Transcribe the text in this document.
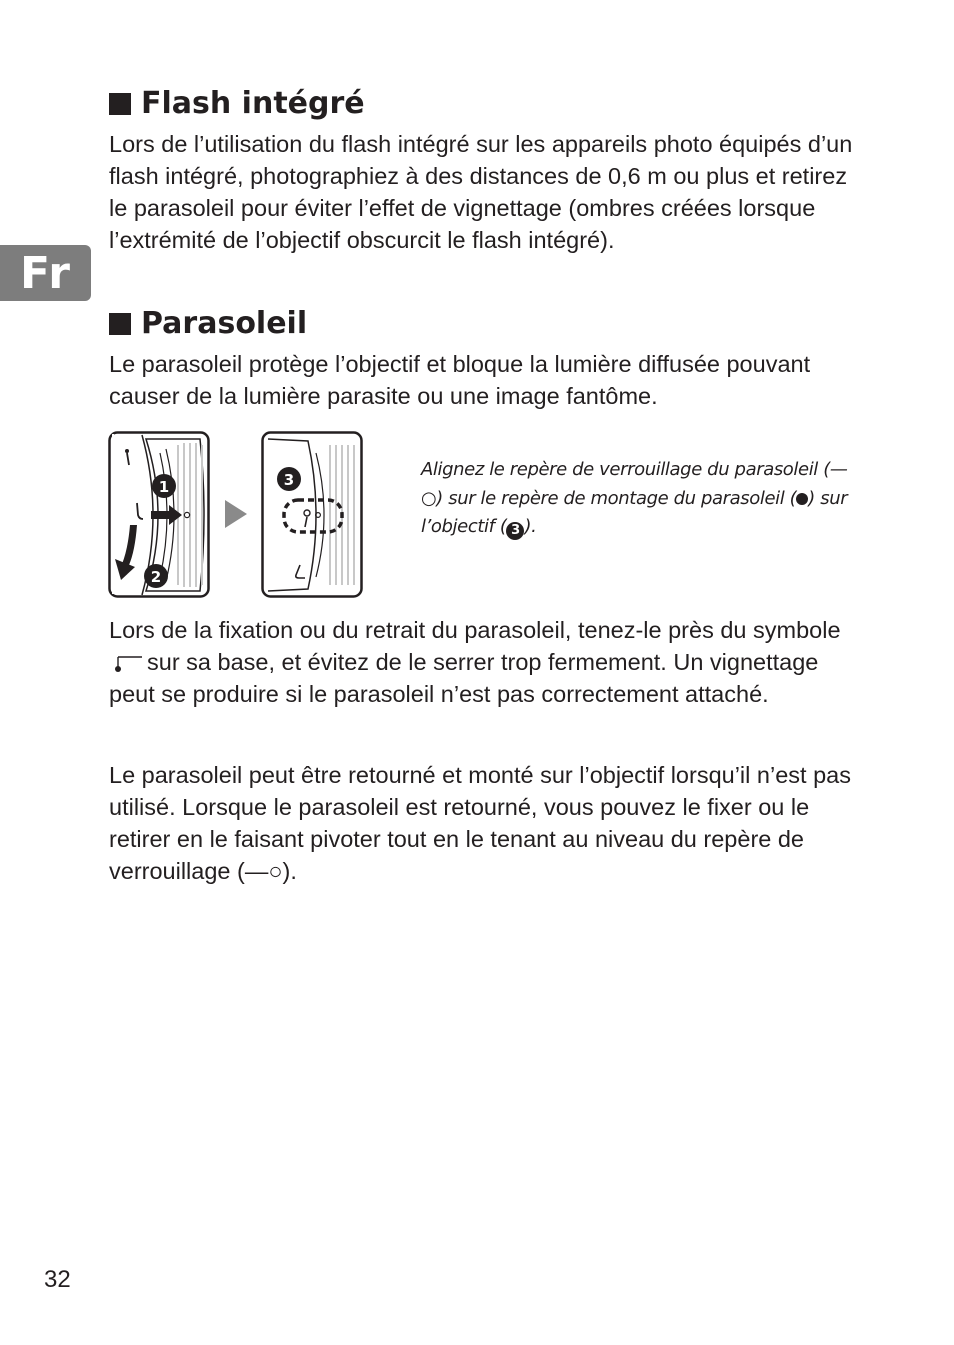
Fr
Flash intégré

Lors de l’utilisation du flash intégré sur les appareils photo équipés d’un flash intégré, photographiez à des distances de 0,6 m ou plus et retirez le parasoleil pour éviter l’effet de vignettage (ombres créées lorsque l’extrémité de l’objectif obscurcit le flash intégré).

Parasoleil

Le parasoleil protège l’objectif et bloque la lumière diffusée pouvant causer de la lumière parasite ou une image fantôme.

1
2
3	Alignez le repère de verrouillage du parasoleil (—○) sur le repère de montage du parasoleil ( ) sur l’objectif ( 3 ).

Lors de la fixation ou du retrait du parasoleil, tenez-le près du symbolesur sa base, et évitez de le serrer trop fermement. Un vignettage peut se produire si le parasoleil n’est pas correctement attaché.

Le parasoleil peut être retourné et monté sur l’objectif lorsqu’il n’est pas utilisé. Lorsque le parasoleil est retourné, vous pouvez le fixer ou le retirer en le faisant pivoter tout en le tenant au niveau du repère de verrouillage (—○).

32
